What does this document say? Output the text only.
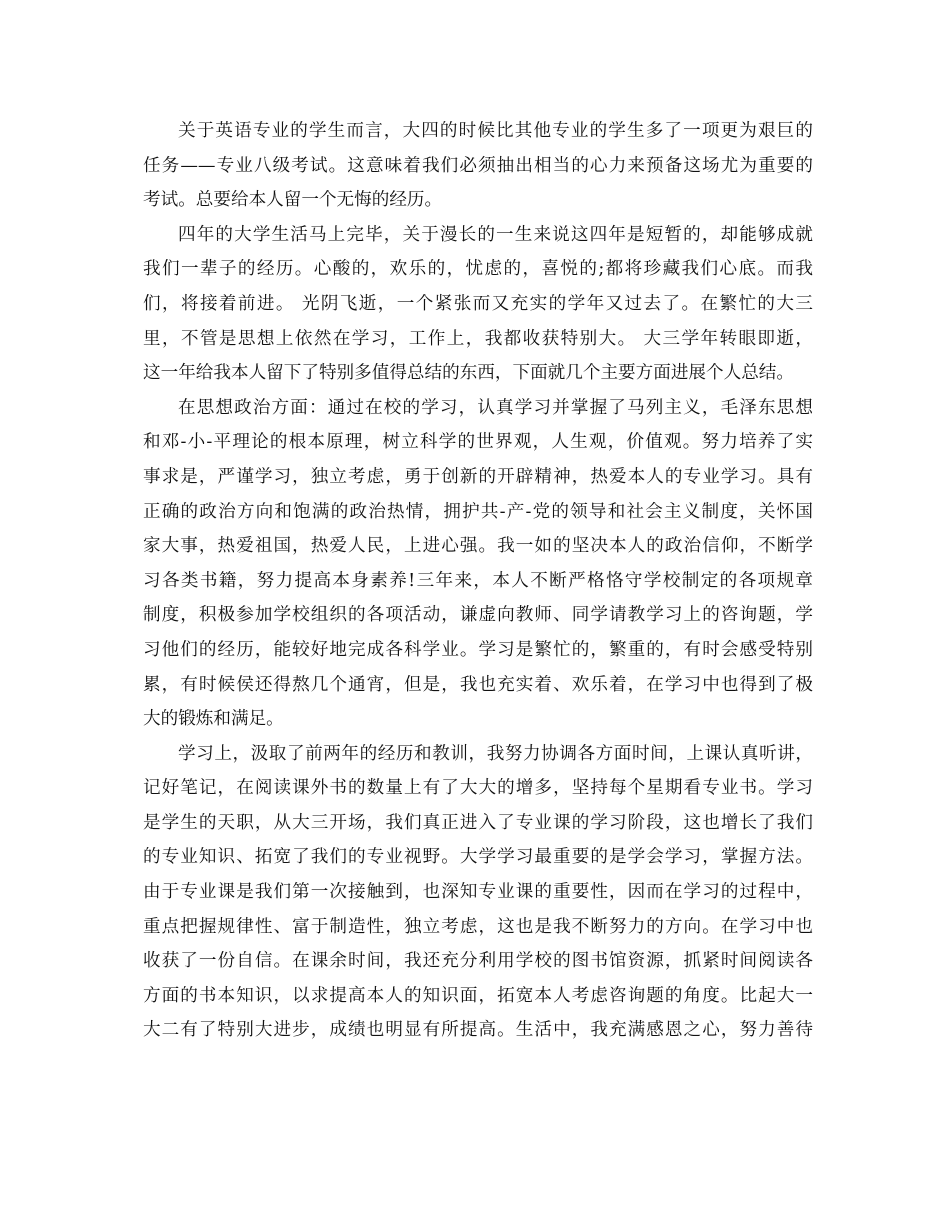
关于英语专业的学生而言，大四的时候比其他专业的学生多了一项更为艰巨的
任务——专业八级考试。这意味着我们必须抽出相当的心力来预备这场尤为重要的
考试。总要给本人留一个无悔的经历。
四年的大学生活马上完毕，关于漫长的一生来说这四年是短暂的，却能够成就
我们一辈子的经历。心酸的，欢乐的，忧虑的，喜悦的;都将珍藏我们心底。而我
们，将接着前进。 光阴飞逝，一个紧张而又充实的学年又过去了。在繁忙的大三
里，不管是思想上依然在学习，工作上，我都收获特别大。 大三学年转眼即逝，
这一年给我本人留下了特别多值得总结的东西，下面就几个主要方面进展个人总结。
在思想政治方面：通过在校的学习，认真学习并掌握了马列主义，毛泽东思想
和邓-小-平理论的根本原理，树立科学的世界观，人生观，价值观。努力培养了实
事求是，严谨学习，独立考虑，勇于创新的开辟精神，热爱本人的专业学习。具有
正确的政治方向和饱满的政治热情，拥护共-产-党的领导和社会主义制度，关怀国
家大事，热爱祖国，热爱人民，上进心强。我一如的坚决本人的政治信仰，不断学
习各类书籍，努力提高本身素养!三年来，本人不断严格恪守学校制定的各项规章
制度，积极参加学校组织的各项活动，谦虚向教师、同学请教学习上的咨询题，学
习他们的经历，能较好地完成各科学业。学习是繁忙的，繁重的，有时会感受特别
累，有时候侯还得熬几个通宵，但是，我也充实着、欢乐着，在学习中也得到了极
大的锻炼和满足。
学习上，汲取了前两年的经历和教训，我努力协调各方面时间，上课认真听讲，
记好笔记，在阅读课外书的数量上有了大大的增多，坚持每个星期看专业书。学习
是学生的天职，从大三开场，我们真正进入了专业课的学习阶段，这也增长了我们
的专业知识、拓宽了我们的专业视野。大学学习最重要的是学会学习，掌握方法。
由于专业课是我们第一次接触到，也深知专业课的重要性，因而在学习的过程中，
重点把握规律性、富于制造性，独立考虑，这也是我不断努力的方向。在学习中也
收获了一份自信。在课余时间，我还充分利用学校的图书馆资源，抓紧时间阅读各
方面的书本知识，以求提高本人的知识面，拓宽本人考虑咨询题的角度。比起大一
大二有了特别大进步，成绩也明显有所提高。生活中，我充满感恩之心，努力善待
